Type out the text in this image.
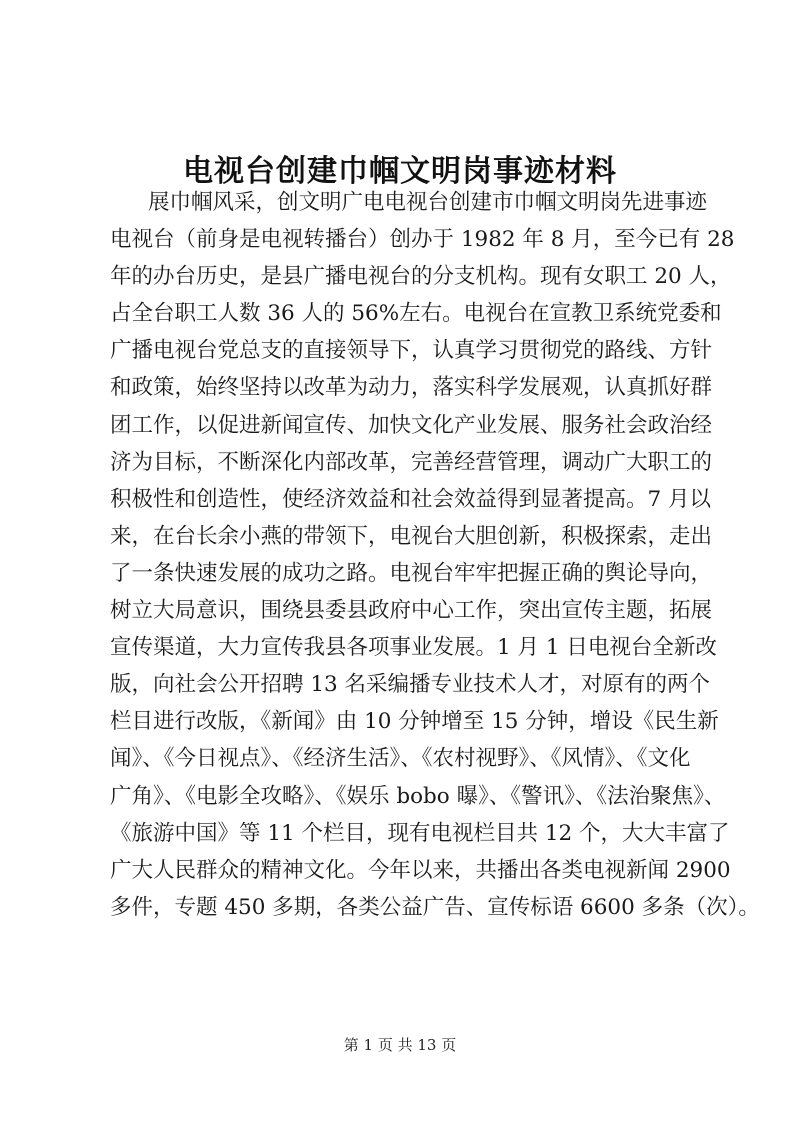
电视台创建巾帼文明岗事迹材料
展巾帼风采，创文明广电电视台创建市巾帼文明岗先进事迹
电视台（前身是电视转播台）创办于 1982 年 8 月，至今已有 28
年的办台历史，是县广播电视台的分支机构。现有女职工 20 人，
占全台职工人数 36 人的 56%左右。电视台在宣教卫系统党委和
广播电视台党总支的直接领导下，认真学习贯彻党的路线、方针
和政策，始终坚持以改革为动力，落实科学发展观，认真抓好群
团工作，以促进新闻宣传、加快文化产业发展、服务社会政治经
济为目标，不断深化内部改革，完善经营管理，调动广大职工的
积极性和创造性，使经济效益和社会效益得到显著提高。7 月以
来，在台长余小燕的带领下，电视台大胆创新，积极探索，走出
了一条快速发展的成功之路。电视台牢牢把握正确的舆论导向，
树立大局意识，围绕县委县政府中心工作，突出宣传主题，拓展
宣传渠道，大力宣传我县各项事业发展。1 月 1 日电视台全新改
版，向社会公开招聘 13 名采编播专业技术人才，对原有的两个
栏目进行改版，《新闻》由 10 分钟增至 15 分钟，增设《民生新
闻》、《今日视点》、《经济生活》、《农村视野》、《风情》、《文化
广角》、《电影全攻略》、《娱乐 bobo 曝》、《警讯》、《法治聚焦》、
《旅游中国》等 11 个栏目，现有电视栏目共 12 个，大大丰富了
广大人民群众的精神文化。今年以来，共播出各类电视新闻 2900
多件，专题 450 多期，各类公益广告、宣传标语 6600 多条（次）。
第 1 页 共 13 页
